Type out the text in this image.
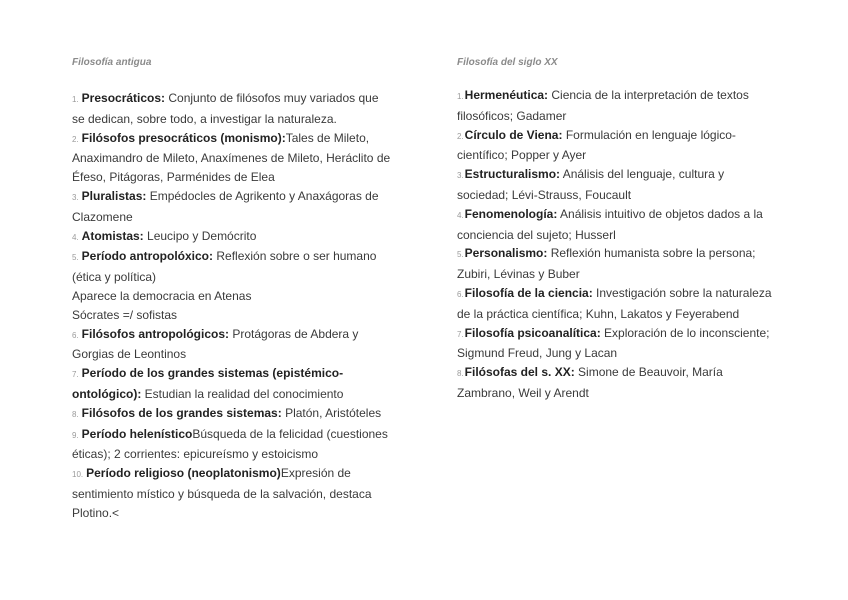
Filosofía antigua

1. Presocráticos: Conjunto de filósofos muy variados que se dedican, sobre todo, a investigar la naturaleza.

2. Filósofos presocráticos (monismo):Tales de Mileto, Anaximandro de Mileto, Anaxímenes de Mileto, Heráclito de Éfeso, Pitágoras, Parménides de Elea

3. Pluralistas: Empédocles de Agrikento y Anaxágoras de Clazomene

4. Atomistas: Leucipo y Demócrito

5. Período antropolóxico: Reflexión sobre o ser humano (ética y política)

Aparece la democracia en Atenas
Sócrates =/ sofistas

6. Filósofos antropológicos: Protágoras de Abdera y Gorgias de Leontinos

7. Período de los grandes sistemas (epistémico-ontológico): Estudian la realidad del conocimiento

8. Filósofos de los grandes sistemas: Platón, Aristóteles

9. Período helenísticoBúsqueda de la felicidad (cuestiones éticas); 2 corrientes: epicureísmo y estoicismo

10. Período religioso (neoplatonismo)Expresión de sentimiento místico y búsqueda de la salvación, destaca Plotino.<

Filosofía del siglo XX

1.Hermenéutica: Ciencia de la interpretación de textos filosóficos; Gadamer

2.Círculo de Viena: Formulación en lenguaje lógico-científico; Popper y Ayer

3.Estructuralismo: Análisis del lenguaje, cultura y sociedad; Lévi-Strauss, Foucault

4.Fenomenología: Análisis intuitivo de objetos dados a la conciencia del sujeto; Husserl

5.Personalismo: Reflexión humanista sobre la persona; Zubiri, Lévinas y Buber

6.Filosofía de la ciencia: Investigación sobre la naturaleza de la práctica científica; Kuhn, Lakatos y Feyerabend

7.Filosofía psicoanalítica: Exploración de lo inconsciente; Sigmund Freud, Jung y Lacan

8.Filósofas del s. XX: Simone de Beauvoir, María Zambrano, Weil y Arendt
